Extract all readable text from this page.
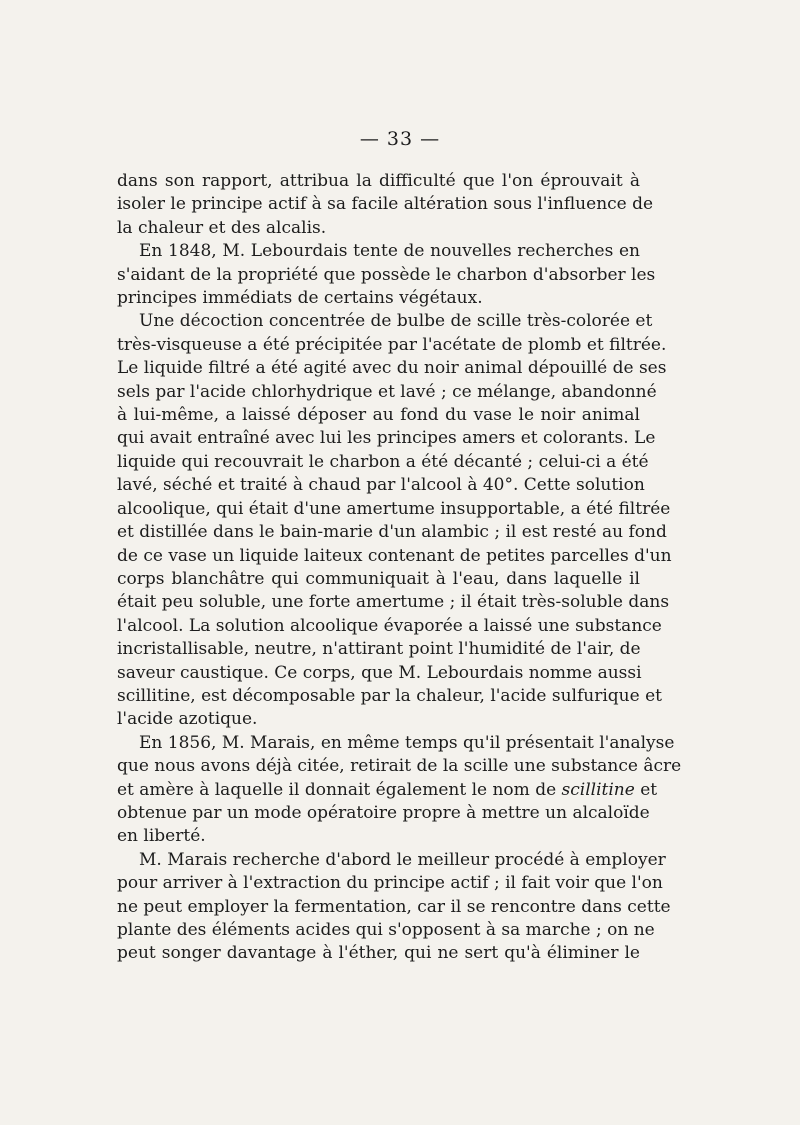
— 33 —
dans son rapport, attribua la difficulté que l'on éprouvait à
isoler le principe actif à sa facile altération sous l'influence de
la chaleur et des alcalis.
En 1848, M. Lebourdais tente de nouvelles recherches en
s'aidant de la propriété que possède le charbon d'absorber les
principes immédiats de certains végétaux.
Une décoction concentrée de bulbe de scille très-colorée et
très-visqueuse a été précipitée par l'acétate de plomb et filtrée.
Le liquide filtré a été agité avec du noir animal dépouillé de ses
sels par l'acide chlorhydrique et lavé ; ce mélange, abandonné
à lui-même, a laissé déposer au fond du vase le noir animal
qui avait entraîné avec lui les principes amers et colorants. Le
liquide qui recouvrait le charbon a été décanté ; celui-ci a été
lavé, séché et traité à chaud par l'alcool à 40°. Cette solution
alcoolique, qui était d'une amertume insupportable, a été filtrée
et distillée dans le bain-marie d'un alambic ; il est resté au fond
de ce vase un liquide laiteux contenant de petites parcelles d'un
corps blanchâtre qui communiquait à l'eau, dans laquelle il
était peu soluble, une forte amertume ; il était très-soluble dans
l'alcool. La solution alcoolique évaporée a laissé une substance
incristallisable, neutre, n'attirant point l'humidité de l'air, de
saveur caustique. Ce corps, que M. Lebourdais nomme aussi
scillitine, est décomposable par la chaleur, l'acide sulfurique et
l'acide azotique.
En 1856, M. Marais, en même temps qu'il présentait l'analyse
que nous avons déjà citée, retirait de la scille une substance âcre
et amère à laquelle il donnait également le nom de scillitine et
obtenue par un mode opératoire propre à mettre un alcaloïde
en liberté.
M. Marais recherche d'abord le meilleur procédé à employer
pour arriver à l'extraction du principe actif ; il fait voir que l'on
ne peut employer la fermentation, car il se rencontre dans cette
plante des éléments acides qui s'opposent à sa marche ; on ne
peut songer davantage à l'éther, qui ne sert qu'à éliminer le
